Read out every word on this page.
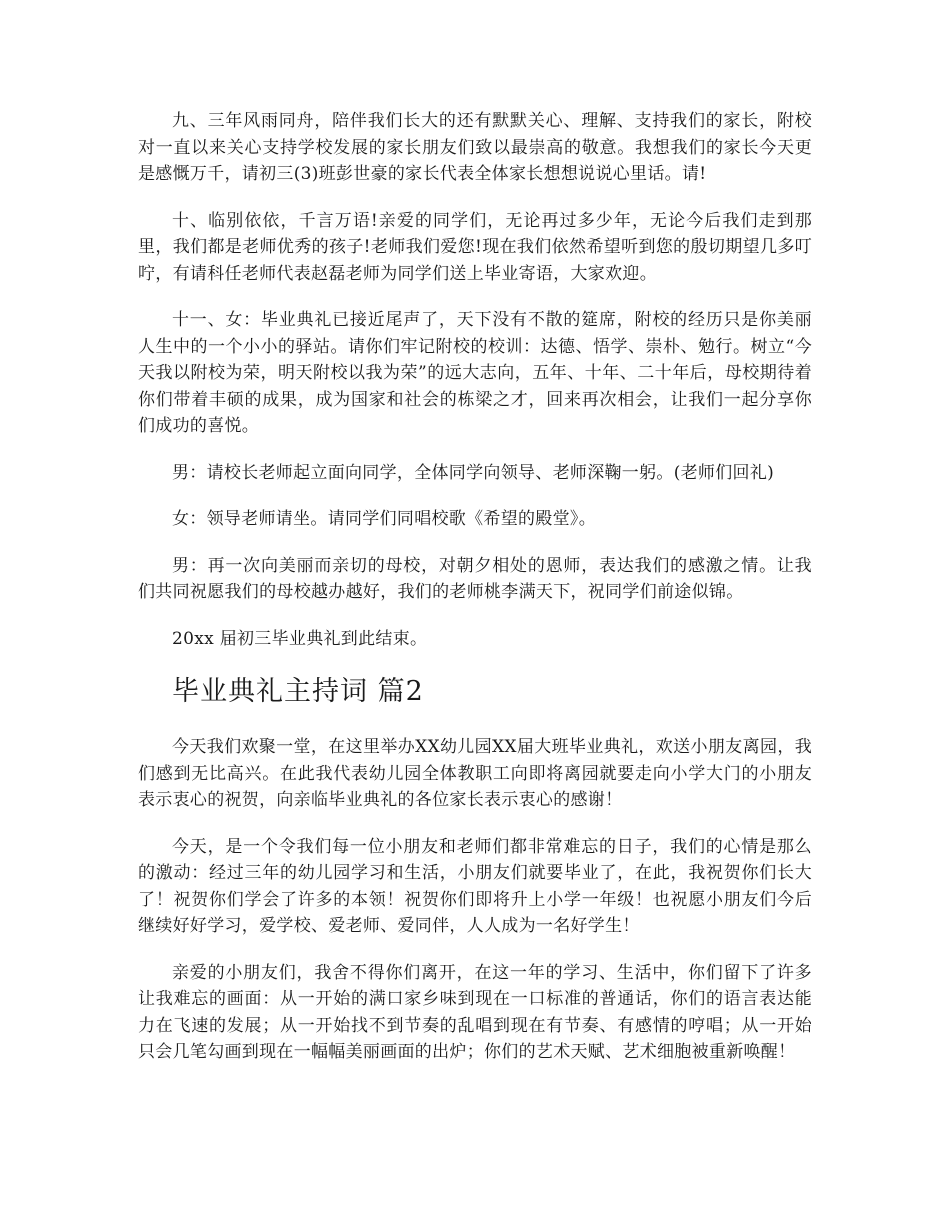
九、三年风雨同舟，陪伴我们长大的还有默默关心、理解、支持我们的家长，附校对一直以来关心支持学校发展的家长朋友们致以最崇高的敬意。我想我们的家长今天更是感慨万千，请初三(3)班彭世豪的家长代表全体家长想想说说心里话。请!

十、临别依依，千言万语!亲爱的同学们，无论再过多少年，无论今后我们走到那里，我们都是老师优秀的孩子!老师我们爱您!现在我们依然希望听到您的殷切期望几多叮咛，有请科任老师代表赵磊老师为同学们送上毕业寄语，大家欢迎。

十一、女：毕业典礼已接近尾声了，天下没有不散的筵席，附校的经历只是你美丽人生中的一个小小的驿站。请你们牢记附校的校训：达德、悟学、崇朴、勉行。树立“今天我以附校为荣，明天附校以我为荣”的远大志向，五年、十年、二十年后，母校期待着你们带着丰硕的成果，成为国家和社会的栋梁之才，回来再次相会，让我们一起分享你们成功的喜悦。

男：请校长老师起立面向同学，全体同学向领导、老师深鞠一躬。(老师们回礼)

女：领导老师请坐。请同学们同唱校歌《希望的殿堂》。

男：再一次向美丽而亲切的母校，对朝夕相处的恩师，表达我们的感激之情。让我们共同祝愿我们的母校越办越好，我们的老师桃李满天下，祝同学们前途似锦。

20xx 届初三毕业典礼到此结束。

毕业典礼主持词 篇2

今天我们欢聚一堂，在这里举办XX幼儿园XX届大班毕业典礼，欢送小朋友离园，我们感到无比高兴。在此我代表幼儿园全体教职工向即将离园就要走向小学大门的小朋友表示衷心的祝贺，向亲临毕业典礼的各位家长表示衷心的感谢！

今天，是一个令我们每一位小朋友和老师们都非常难忘的日子，我们的心情是那么的激动：经过三年的幼儿园学习和生活，小朋友们就要毕业了，在此，我祝贺你们长大了！祝贺你们学会了许多的本领！祝贺你们即将升上小学一年级！也祝愿小朋友们今后继续好好学习，爱学校、爱老师、爱同伴，人人成为一名好学生！

亲爱的小朋友们，我舍不得你们离开，在这一年的学习、生活中，你们留下了许多让我难忘的画面：从一开始的满口家乡味到现在一口标准的普通话，你们的语言表达能力在飞速的发展；从一开始找不到节奏的乱唱到现在有节奏、有感情的哼唱；从一开始只会几笔勾画到现在一幅幅美丽画面的出炉；你们的艺术天赋、艺术细胞被重新唤醒！
